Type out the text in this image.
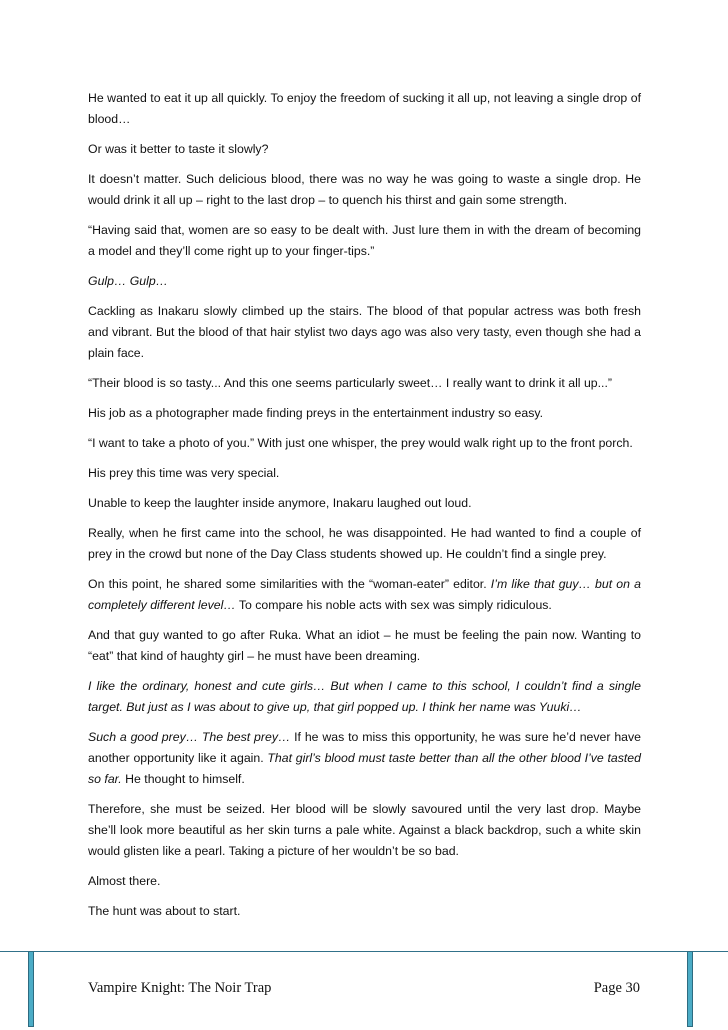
He wanted to eat it up all quickly. To enjoy the freedom of sucking it all up, not leaving a single drop of blood…

Or was it better to taste it slowly?

It doesn’t matter. Such delicious blood, there was no way he was going to waste a single drop. He would drink it all up – right to the last drop – to quench his thirst and gain some strength.

“Having said that, women are so easy to be dealt with. Just lure them in with the dream of becoming a model and they’ll come right up to your finger-tips.”

Gulp… Gulp…

Cackling as Inakaru slowly climbed up the stairs. The blood of that popular actress was both fresh and vibrant. But the blood of that hair stylist two days ago was also very tasty, even though she had a plain face.

“Their blood is so tasty... And this one seems particularly sweet… I really want to drink it all up...”

His job as a photographer made finding preys in the entertainment industry so easy.

“I want to take a photo of you.” With just one whisper, the prey would walk right up to the front porch.

His prey this time was very special.

Unable to keep the laughter inside anymore, Inakaru laughed out loud.

Really, when he first came into the school, he was disappointed. He had wanted to find a couple of prey in the crowd but none of the Day Class students showed up. He couldn’t find a single prey.

On this point, he shared some similarities with the “woman-eater” editor. I’m like that guy… but on a completely different level… To compare his noble acts with sex was simply ridiculous.

And that guy wanted to go after Ruka. What an idiot – he must be feeling the pain now. Wanting to “eat” that kind of haughty girl – he must have been dreaming.

I like the ordinary, honest and cute girls… But when I came to this school, I couldn’t find a single target. But just as I was about to give up, that girl popped up. I think her name was Yuuki…

Such a good prey… The best prey… If he was to miss this opportunity, he was sure he’d never have another opportunity like it again. That girl’s blood must taste better than all the other blood I’ve tasted so far. He thought to himself.

Therefore, she must be seized. Her blood will be slowly savoured until the very last drop. Maybe she’ll look more beautiful as her skin turns a pale white. Against a black backdrop, such a white skin would glisten like a pearl. Taking a picture of her wouldn’t be so bad.

Almost there.

The hunt was about to start.

Vampire Knight: The Noir Trap	Page 30
